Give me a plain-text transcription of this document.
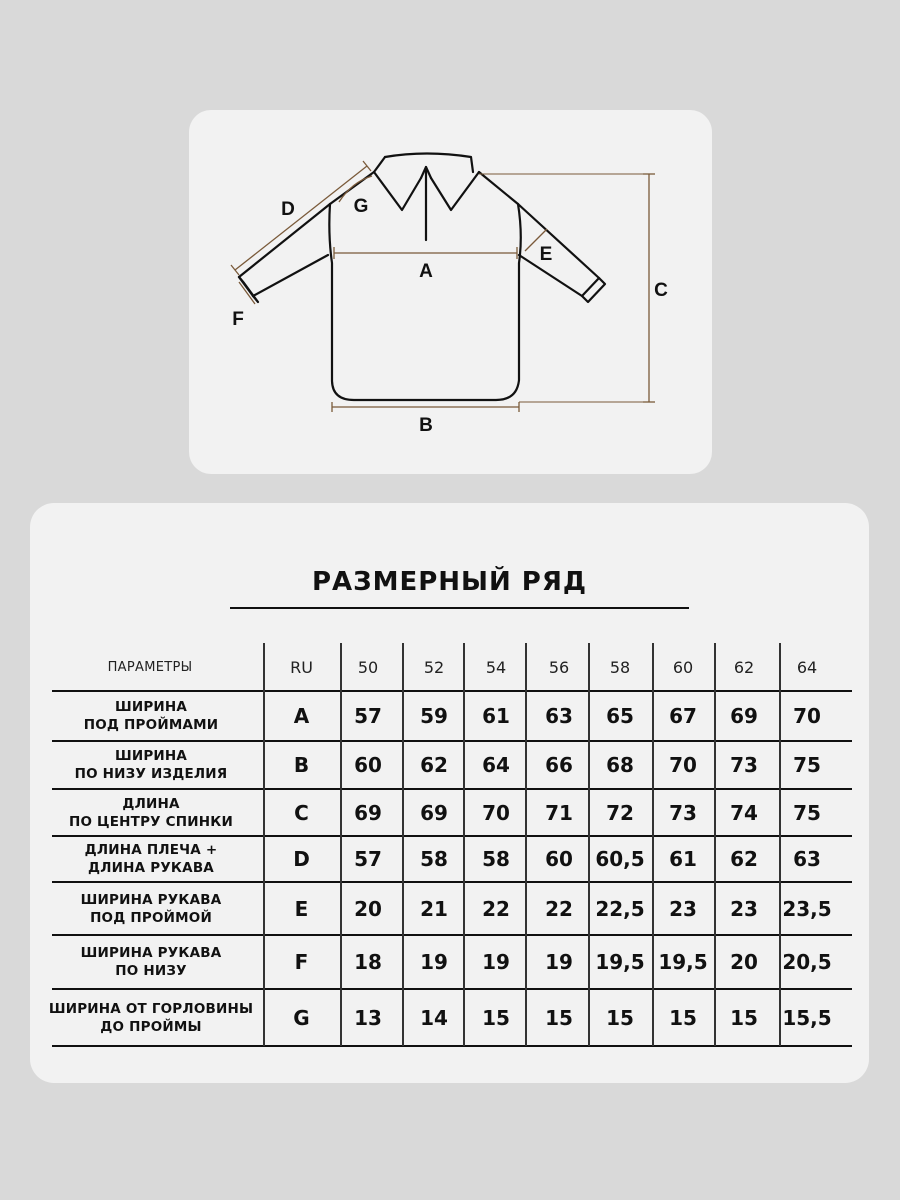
A
B
C
D
E
F
G
РАЗМЕРНЫЙ РЯД
ПАРАМЕТРЫ	RU	50	52	54	56	58	60	62	64
ШИРИНА
ПОД ПРОЙМАМИ	A	57	59	61	63	65	67	69	70
ШИРИНА
ПО НИЗУ ИЗДЕЛИЯ	B	60	62	64	66	68	70	73	75
ДЛИНА
ПО ЦЕНТРУ СПИНКИ	C	69	69	70	71	72	73	74	75
ДЛИНА ПЛЕЧА +
ДЛИНА РУКАВА	D	57	58	58	60	60,5	61	62	63
ШИРИНА РУКАВА
ПОД ПРОЙМОЙ	E	20	21	22	22	22,5	23	23	23,5
ШИРИНА РУКАВА
ПО НИЗУ	F	18	19	19	19	19,5 19,5	20	20,5
ШИРИНА ОТ ГОРЛОВИНЫ
ДО ПРОЙМЫ	G	13	14	15	15	15	15	15	15,5
